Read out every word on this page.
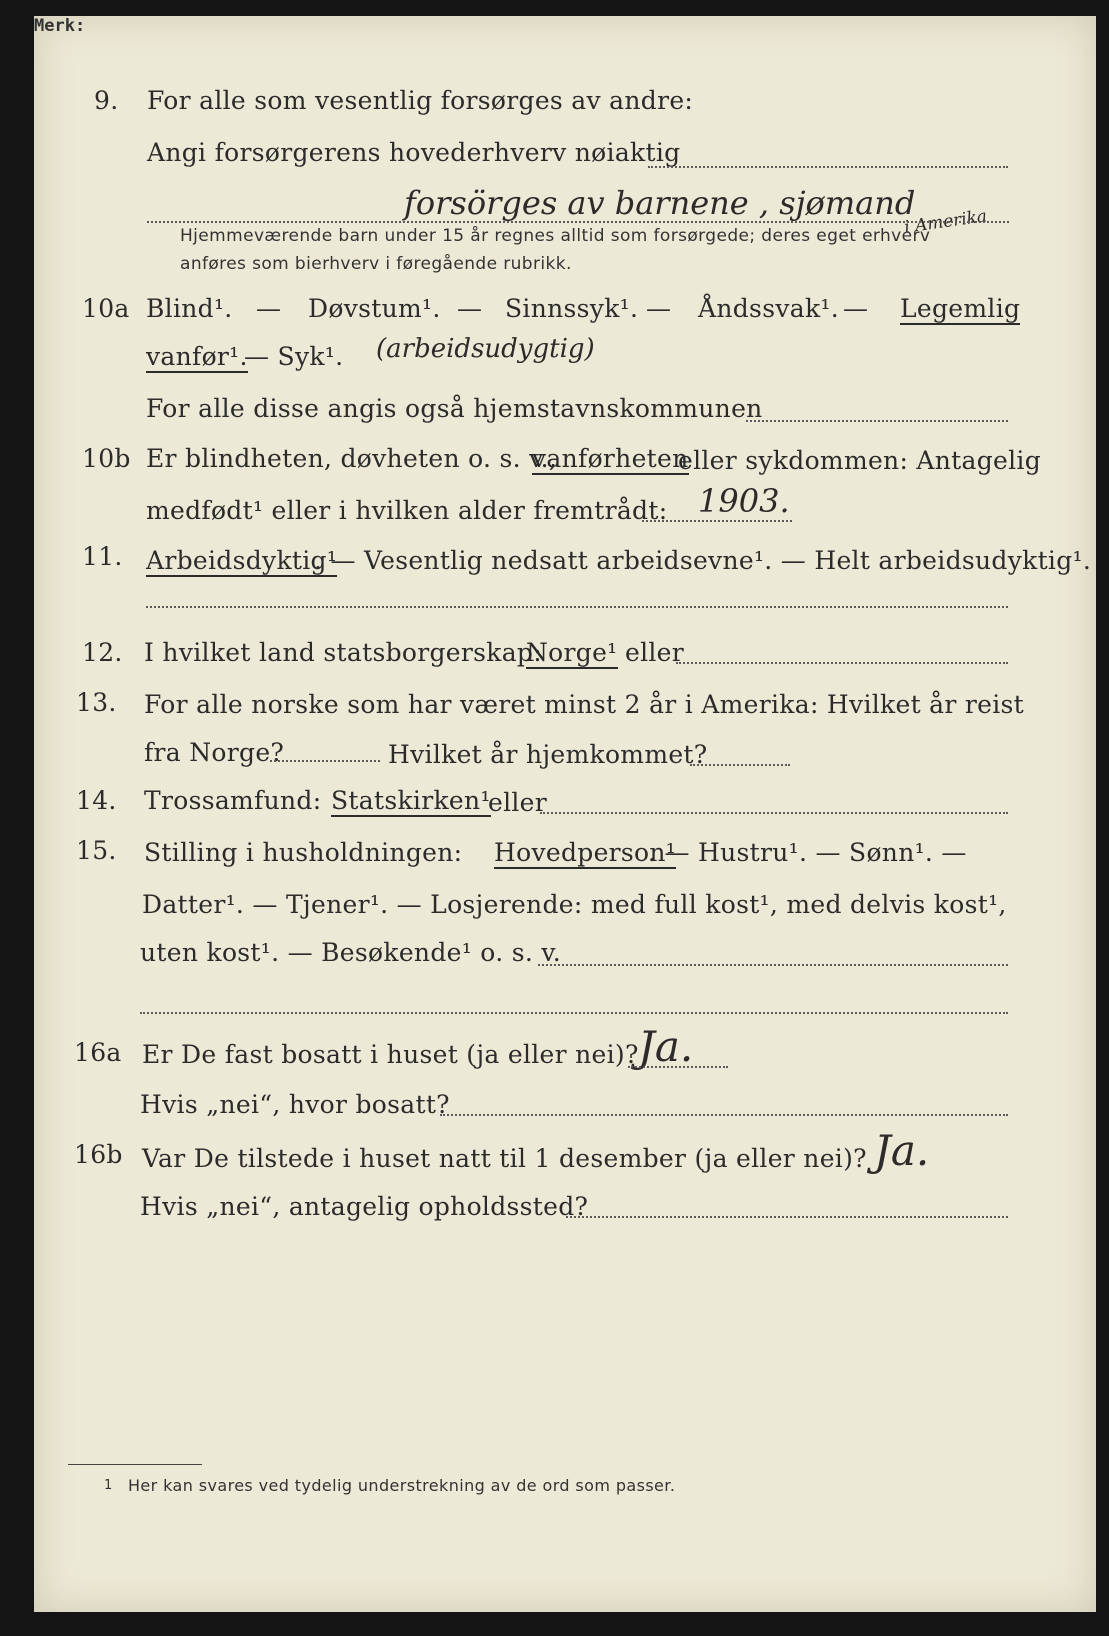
9. For alle som vesentlig forsørges av andre:
Angi forsørgerens hovederhverv nøiaktig
forsörges av barnene , sjømand
i Amerika
Merk:
Hjemmeværende barn under 15 år regnes alltid som forsørgede; deres eget erhverv
anføres som bierhverv i føregående rubrikk.
10a Blind¹. — Døvstum¹. — Sinnssyk¹. — Åndssvak¹. — Legemlig
vanfør¹.
— Syk¹. (arbeidsudygtig)
For alle disse angis også hjemstavnskommunen
10b Er blindheten, døvheten o. s. v.,
vanførheten
eller sykdommen: Antagelig
medfødt¹ eller i hvilken alder fremtrådt: 1903.
11. Arbeidsdyktig¹
. — Vesentlig nedsatt arbeidsevne¹. — Helt arbeidsudyktig¹.
12. I hvilket land statsborgerskap:
Norge¹ eller
13. For alle norske som har været minst 2 år i Amerika: Hvilket år reist
fra Norge?	Hvilket år hjemkommet?
14. Trossamfund: Statskirken¹
eller
15. Stilling i husholdningen: Hovedperson¹
. — Hustru¹. — Sønn¹. —
Datter¹. — Tjener¹. — Losjerende: med full kost¹, med delvis kost¹,
uten kost¹. — Besøkende¹ o. s. v.
16a Er De fast bosatt i huset (ja eller nei)? Ja.
Hvis „nei“, hvor bosatt?
16b Var De tilstede i huset natt til 1 desember (ja eller nei)? Ja.
Hvis „nei“, antagelig opholdssted?
1 Her kan svares ved tydelig understrekning av de ord som passer.
